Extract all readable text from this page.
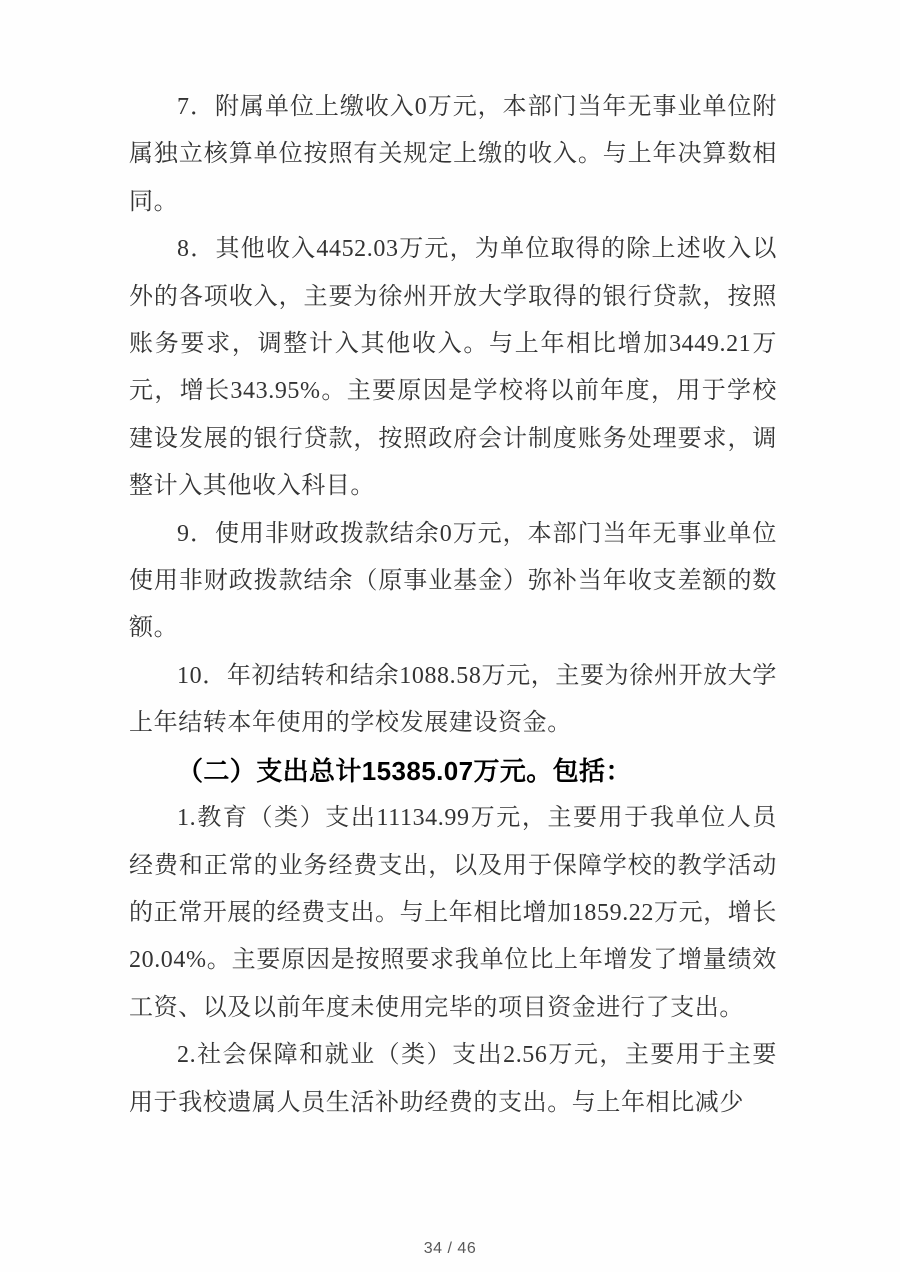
7．附属单位上缴收入0万元，本部门当年无事业单位附属独立核算单位按照有关规定上缴的收入。与上年决算数相同。

8．其他收入4452.03万元，为单位取得的除上述收入以外的各项收入，主要为徐州开放大学取得的银行贷款，按照账务要求，调整计入其他收入。与上年相比增加3449.21万元，增长343.95%。主要原因是学校将以前年度，用于学校建设发展的银行贷款，按照政府会计制度账务处理要求，调整计入其他收入科目。

9．使用非财政拨款结余0万元，本部门当年无事业单位使用非财政拨款结余（原事业基金）弥补当年收支差额的数额。

10．年初结转和结余1088.58万元，主要为徐州开放大学上年结转本年使用的学校发展建设资金。

（二）支出总计15385.07万元。包括：

1.教育（类）支出11134.99万元，主要用于我单位人员经费和正常的业务经费支出，以及用于保障学校的教学活动的正常开展的经费支出。与上年相比增加1859.22万元，增长20.04%。主要原因是按照要求我单位比上年增发了增量绩效工资、以及以前年度未使用完毕的项目资金进行了支出。

2.社会保障和就业（类）支出2.56万元，主要用于主要用于我校遗属人员生活补助经费的支出。与上年相比减少

34 / 46
